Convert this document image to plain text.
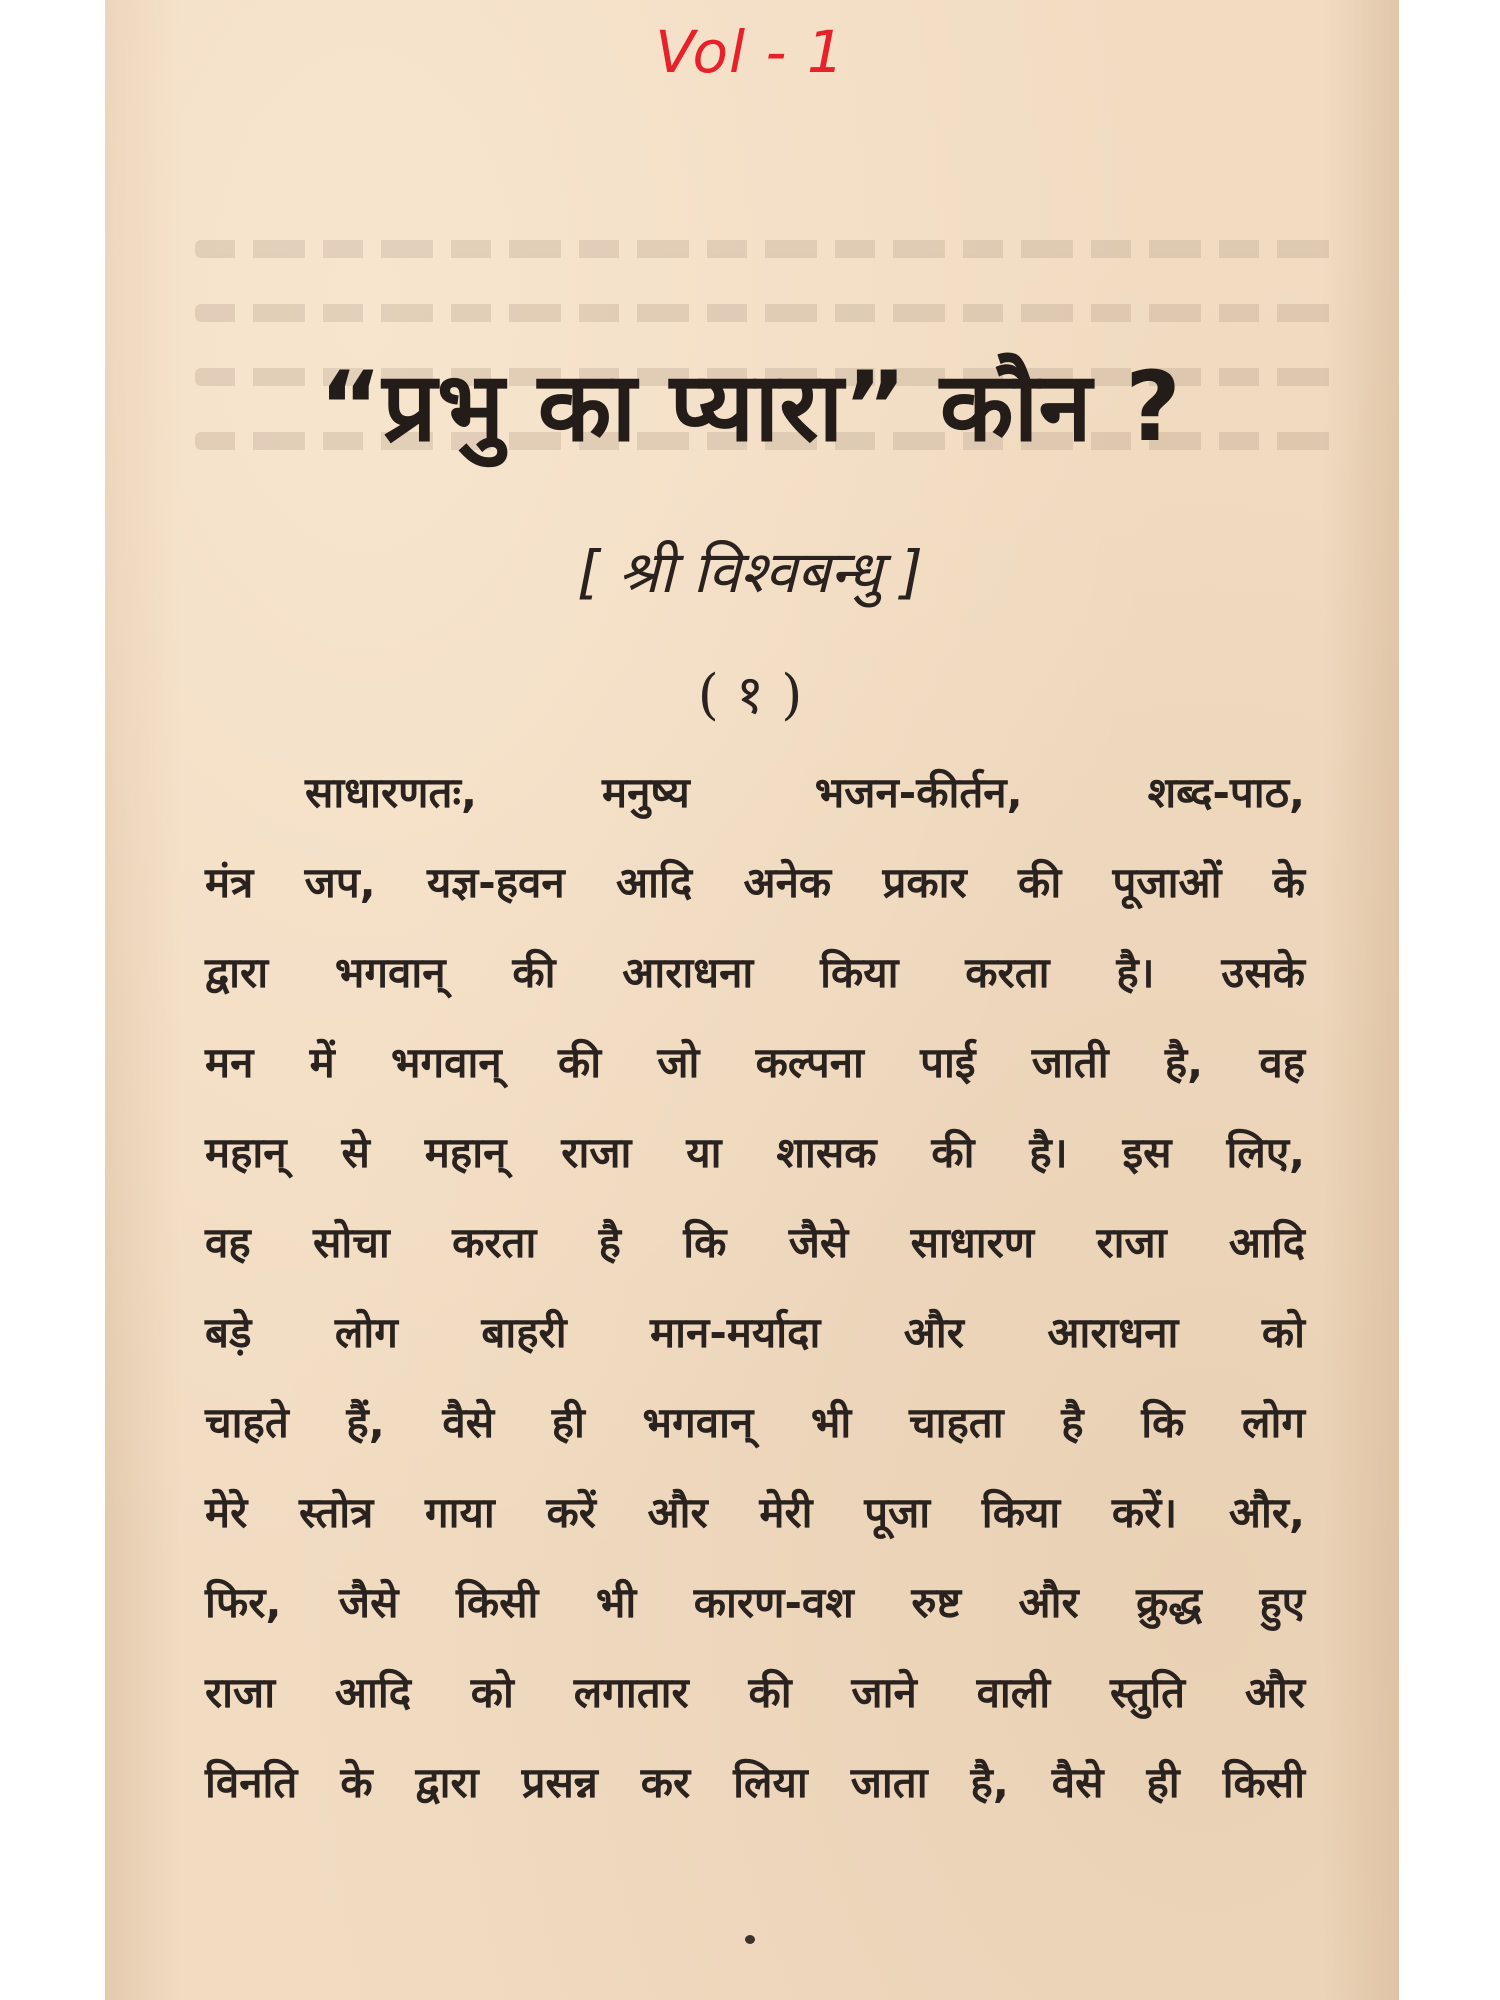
Vol - 1
“प्रभु का प्यारा” कौन ?
[ श्री विश्वबन्धु ]
( १ )
साधारणतः, मनुष्य भजन-कीर्तन, शब्द-पाठ,
मंत्र जप, यज्ञ-हवन आदि अनेक प्रकार की पूजाओं के
द्वारा भगवान् की आराधना किया करता है। उसके
मन में भगवान् की जो कल्पना पाई जाती है, वह
महान् से महान् राजा या शासक की है। इस लिए,
वह सोचा करता है कि जैसे साधारण राजा आदि
बड़े लोग बाहरी मान-मर्यादा और आराधना को
चाहते हैं, वैसे ही भगवान् भी चाहता है कि लोग
मेरे स्तोत्र गाया करें और मेरी पूजा किया करें। और,
फिर, जैसे किसी भी कारण-वश रुष्ट और क्रुद्ध हुए
राजा आदि को लगातार की जाने वाली स्तुति और
विनति के द्वारा प्रसन्न कर लिया जाता है, वैसे ही किसी
